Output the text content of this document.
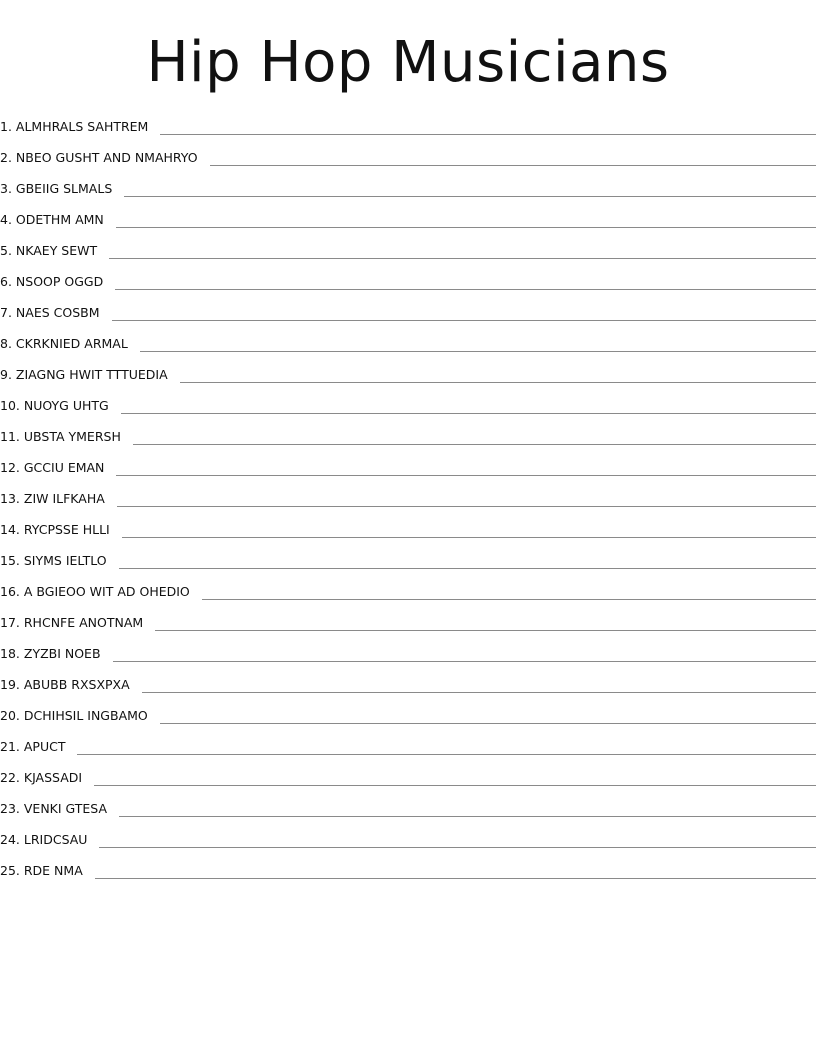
Hip Hop Musicians
1. ALMHRALS SAHTREM
2. NBEO GUSHT AND NMAHRYO
3. GBEIIG SLMALS
4. ODETHM AMN
5. NKAEY SEWT
6. NSOOP OGGD
7. NAES COSBM
8. CKRKNIED ARMAL
9. ZIAGNG HWIT TTTUEDIA
10. NUOYG UHTG
11. UBSTA YMERSH
12. GCCIU EMAN
13. ZIW ILFKAHA
14. RYCPSSE HLLI
15. SIYMS IELTLO
16. A BGIEOO WIT AD OHEDIO
17. RHCNFE ANOTNAM
18. ZYZBI NOEB
19. ABUBB RXSXPXA
20. DCHIHSIL INGBAMO
21. APUCT
22. KJASSADI
23. VENKI GTESA
24. LRIDCSAU
25. RDE NMA
